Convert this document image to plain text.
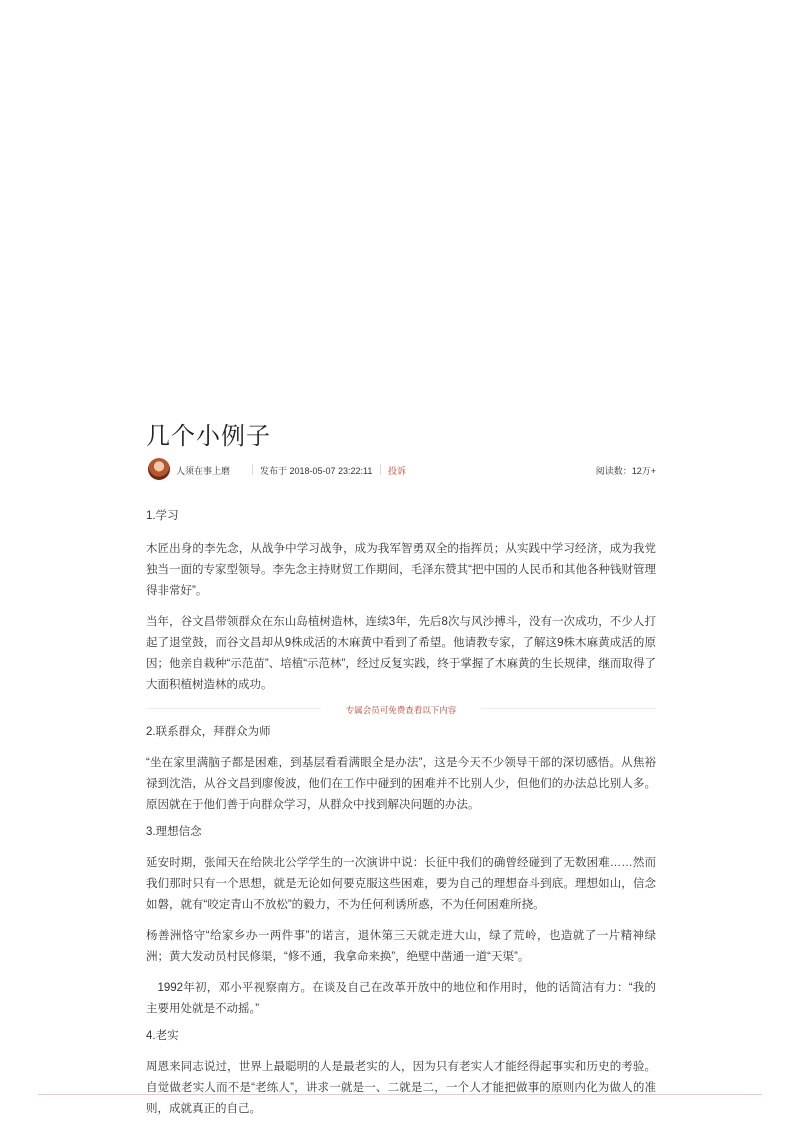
几个小例子
人须在事上磨	发布于 2018-05-07 23:22:11 投诉	阅读数：12万+

1.学习

木匠出身的李先念，从战争中学习战争，成为我军智勇双全的指挥员；从实践中学习经济，成为我党独当一面的专家型领导。李先念主持财贸工作期间，毛泽东赞其“把中国的人民币和其他各种钱财管理得非常好”。

当年，谷文昌带领群众在东山岛植树造林，连续3年，先后8次与风沙搏斗，没有一次成功，不少人打起了退堂鼓，而谷文昌却从9株成活的木麻黄中看到了希望。他请教专家，了解这9株木麻黄成活的原因；他亲自栽种“示范苗”、培植“示范林”，经过反复实践，终于掌握了木麻黄的生长规律，继而取得了大面积植树造林的成功。

专属会员可免费查看以下内容

2.联系群众，拜群众为师

“坐在家里满脑子都是困难，到基层看看满眼全是办法”，这是今天不少领导干部的深切感悟。从焦裕禄到沈浩，从谷文昌到廖俊波，他们在工作中碰到的困难并不比别人少，但他们的办法总比别人多。原因就在于他们善于向群众学习，从群众中找到解决问题的办法。

3.理想信念

延安时期，张闻天在给陕北公学学生的一次演讲中说：长征中我们的确曾经碰到了无数困难……然而我们那时只有一个思想，就是无论如何要克服这些困难，要为自己的理想奋斗到底。理想如山，信念如磐，就有“咬定青山不放松”的毅力，不为任何利诱所惑，不为任何困难所挠。

杨善洲恪守“给家乡办一两件事”的诺言，退休第三天就走进大山，绿了荒岭，也造就了一片精神绿洲；黄大发动员村民修渠，“修不通，我拿命来换”，绝壁中凿通一道“天渠”。

1992年初，邓小平视察南方。在谈及自己在改革开放中的地位和作用时，他的话简洁有力：“我的主要用处就是不动摇。”

4.老实

周恩来同志说过，世界上最聪明的人是最老实的人，因为只有老实人才能经得起事实和历史的考验。自觉做老实人而不是“老练人”，讲求一就是一、二就是二，一个人才能把做事的原则内化为做人的准则，成就真正的自己。
